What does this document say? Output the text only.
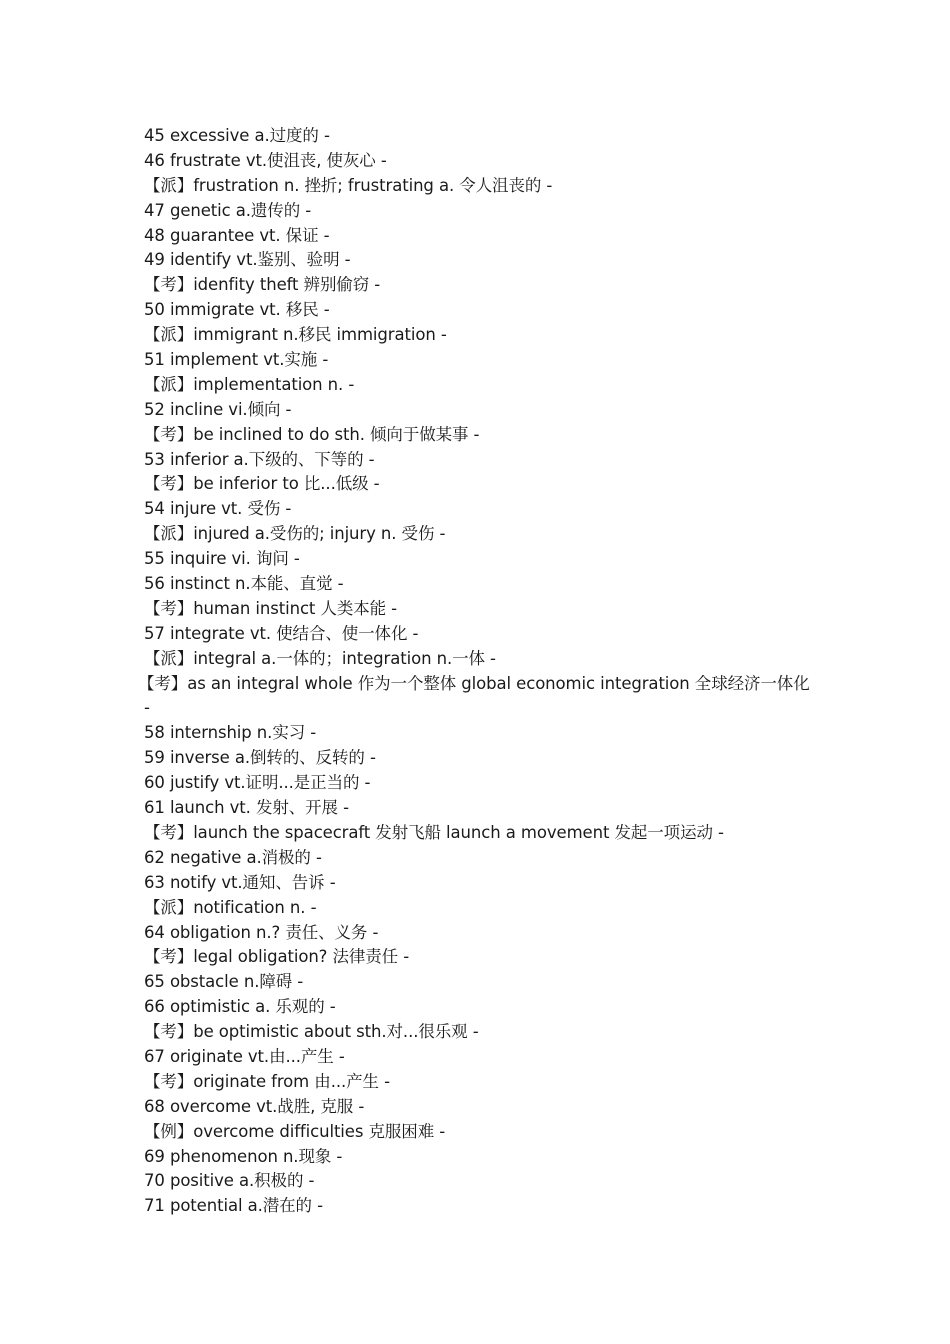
45 excessive a.过度的 -
46 frustrate vt.使沮丧, 使灰心 -
【派】frustration n. 挫折; frustrating a. 令人沮丧的 -
47 genetic a.遗传的 -
48 guarantee vt. 保证 -
49 identify vt.鉴别、验明 -
【考】idenfity theft 辨别偷窃 -
50 immigrate vt. 移民 -
【派】immigrant n.移民 immigration -
51 implement vt.实施 -
【派】implementation n. -
52 incline vi.倾向 -
【考】be inclined to do sth. 倾向于做某事 -
53 inferior a.下级的、下等的 -
【考】be inferior to 比...低级 -
54 injure vt. 受伤 -
【派】injured a.受伤的; injury n. 受伤 -
55 inquire vi. 询问 -
56 instinct n.本能、直觉 -
【考】human instinct 人类本能 -
57 integrate vt. 使结合、使一体化 -
【派】integral a.一体的；integration n.一体 -
【考】as an integral whole 作为一个整体 global economic integration 全球经济一体化
-
58 internship n.实习 -
59 inverse a.倒转的、反转的 -
60 justify vt.证明...是正当的 -
61 launch vt. 发射、开展 -
【考】launch the spacecraft 发射飞船 launch a movement 发起一项运动 -
62 negative a.消极的 -
63 notify vt.通知、告诉 -
【派】notification n. -
64 obligation n.? 责任、义务 -
【考】legal obligation? 法律责任 -
65 obstacle n.障碍 -
66 optimistic a. 乐观的 -
【考】be optimistic about sth.对...很乐观 -
67 originate vt.由...产生 -
【考】originate from 由...产生 -
68 overcome vt.战胜, 克服 -
【例】overcome difficulties 克服困难 -
69 phenomenon n.现象 -
70 positive a.积极的 -
71 potential a.潜在的 -
